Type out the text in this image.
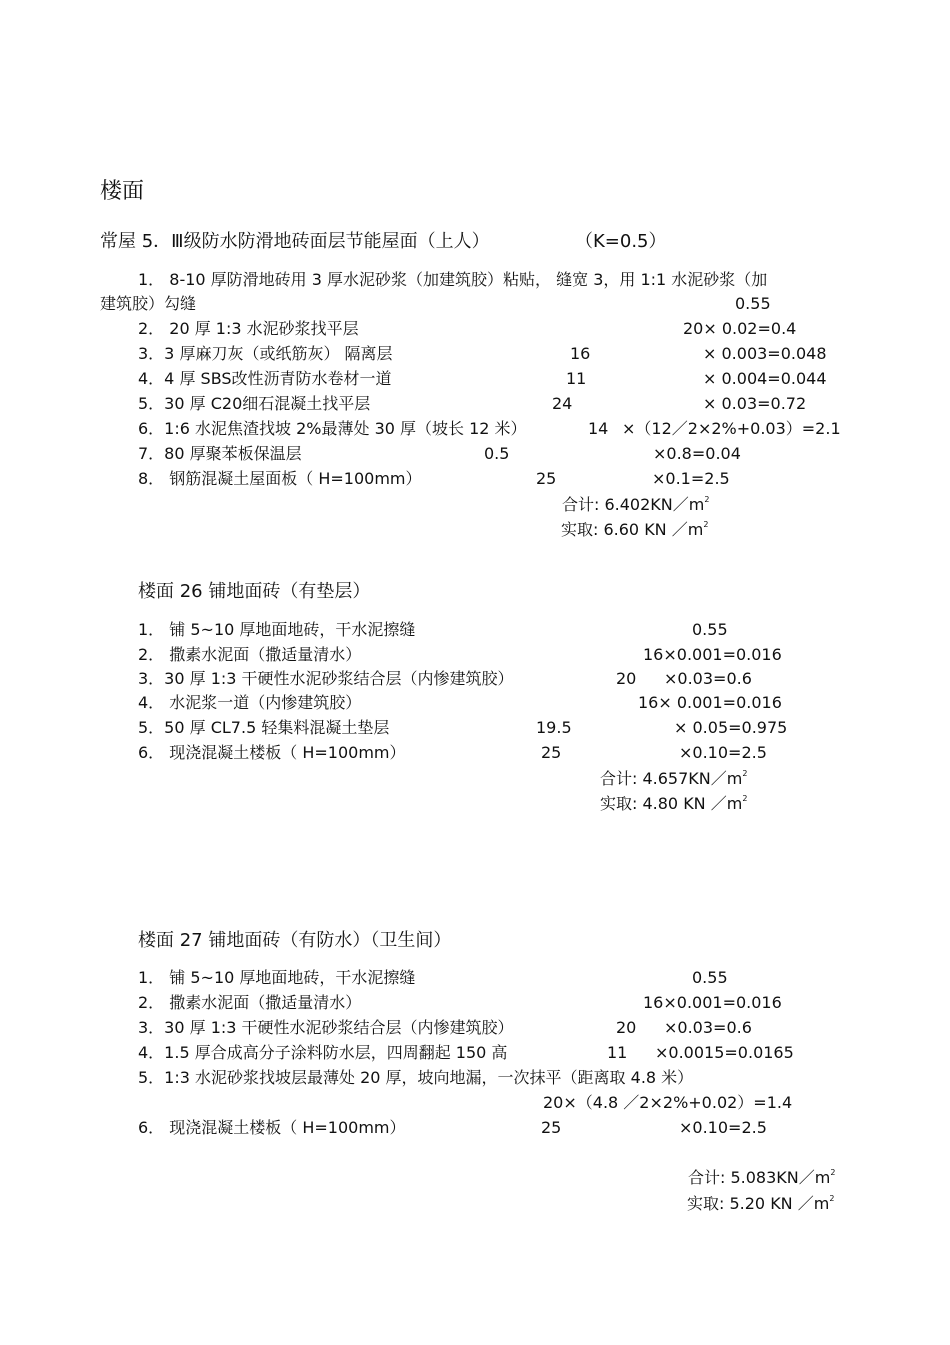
楼面
常屋 5．Ⅲ级防水防滑地砖面层节能屋面（上人）	（K=0.5）
1． 8-10 厚防滑地砖用 3 厚水泥砂浆（加建筑胶）粘贴， 缝宽 3，用 1:1 水泥砂浆（加
建筑胶）勾缝	0.55
2． 20 厚 1:3 水泥砂浆找平层	20× 0.02=0.4
3．3 厚麻刀灰（或纸筋灰） 隔离层	16	× 0.003=0.048
4．4 厚 SBS改性沥青防水卷材一道	11	× 0.004=0.044
5．30 厚 C20细石混凝土找平层	24	× 0.03=0.72
6．1:6 水泥焦渣找坡 2%最薄处 30 厚（坡长 12 米）	14 ×（12／2×2%+0.03）=2.1
7．80 厚聚苯板保温层	0.5	×0.8=0.04
8． 钢筋混凝土屋面板（ H=100mm）	25	×0.1=2.5
合计: $6.402KN/m^2$
实取: 6.60 KN $/m^2$
楼面 26 铺地面砖（有垫层）
1． 铺 5~10 厚地面地砖，干水泥擦缝	0.55
2． 撒素水泥面（撒适量清水）	16×0.001=0.016
3．30 厚 1:3 干硬性水泥砂浆结合层（内惨建筑胶）	20 ×0.03=0.6
4． 水泥浆一道（内惨建筑胶）	16× 0.001=0.016
5．50 厚 CL7.5 轻集料混凝土垫层	19.5	× 0.05=0.975
6． 现浇混凝土楼板（ H=100mm）	25	×0.10=2.5
合计: $4.657KN/m^2$
实取: 4.80 KN $/m^2$
楼面 27 铺地面砖（有防水）（卫生间）
1． 铺 5~10 厚地面地砖，干水泥擦缝	0.55
2． 撒素水泥面（撒适量清水）	16×0.001=0.016
3．30 厚 1:3 干硬性水泥砂浆结合层（内惨建筑胶）	20 ×0.03=0.6
4．1.5 厚合成高分子涂料防水层，四周翻起 150 高	11 ×0.0015=0.0165
5．1:3 水泥砂浆找坡层最薄处 20 厚，坡向地漏，一次抹平（距离取 4.8 米）
20×（4.8 ／2×2%+0.02）=1.4
6． 现浇混凝土楼板（ H=100mm）	25	×0.10=2.5
合计: $5.083KN/m^2$
实取: 5.20 KN $/m^2$
